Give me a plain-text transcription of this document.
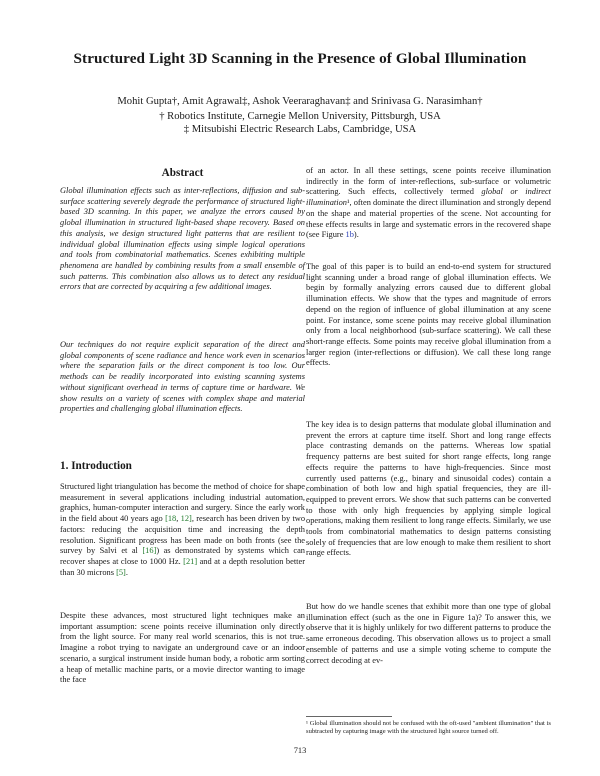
Structured Light 3D Scanning in the Presence of Global Illumination
Mohit Gupta†, Amit Agrawal‡, Ashok Veeraraghavan‡ and Srinivasa G. Narasimhan†
† Robotics Institute, Carnegie Mellon University, Pittsburgh, USA
‡ Mitsubishi Electric Research Labs, Cambridge, USA
Abstract

Global illumination effects such as inter-reflections, diffusion and sub-surface scattering severely degrade the performance of structured light-based 3D scanning. In this paper, we analyze the errors caused by global illumination in structured light-based shape recovery. Based on this analysis, we design structured light patterns that are resilient to individual global illumination effects using simple logical operations and tools from combinatorial mathematics. Scenes exhibiting multiple phenomena are handled by combining results from a small ensemble of such patterns. This combination also allows us to detect any residual errors that are corrected by acquiring a few additional images.

Our techniques do not require explicit separation of the direct and global components of scene radiance and hence work even in scenarios where the separation fails or the direct component is too low. Our methods can be readily incorporated into existing scanning systems without significant overhead in terms of capture time or hardware. We show results on a variety of scenes with complex shape and material properties and challenging global illumination effects.

Structured light triangulation has become the method of choice for shape measurement in several applications including industrial automation, graphics, human-computer interaction and surgery. Since the early work in the field about 40 years ago [18, 12], research has been driven by two factors: reducing the acquisition time and increasing the depth resolution. Significant progress has been made on both fronts (see the survey by Salvi et al [16]) as demonstrated by systems which can recover shapes at close to 1000 Hz. [21] and at a depth resolution better than 30 microns [5].

Despite these advances, most structured light techniques make an important assumption: scene points receive illumination only directly from the light source. For many real world scenarios, this is not true. Imagine a robot trying to navigate an underground cave or an indoor scenario, a surgical instrument inside human body, a robotic arm sorting a heap of metallic machine parts, or a movie director wanting to image the face

1. Introduction

of an actor. In all these settings, scene points receive illumination indirectly in the form of inter-reflections, sub-surface or volumetric scattering. Such effects, collectively termed global or indirect illumination¹, often dominate the direct illumination and strongly depend on the shape and material properties of the scene. Not accounting for these effects results in large and systematic errors in the recovered shape (see Figure 1b).

The goal of this paper is to build an end-to-end system for structured light scanning under a broad range of global illumination effects. We begin by formally analyzing errors caused due to different global illumination effects. We show that the types and magnitude of errors depend on the region of influence of global illumination at any scene point. For instance, some scene points may receive global illumination only from a local neighborhood (sub-surface scattering). We call these short-range effects. Some points may receive global illumination from a larger region (inter-reflections or diffusion). We call these long range effects.

The key idea is to design patterns that modulate global illumination and prevent the errors at capture time itself. Short and long range effects place contrasting demands on the patterns. Whereas low spatial frequency patterns are best suited for short range effects, long range effects require the patterns to have high-frequencies. Since most currently used patterns (e.g., binary and sinusoidal codes) contain a combination of both low and high spatial frequencies, they are ill-equipped to prevent errors. We show that such patterns can be converted to those with only high frequencies by applying simple logical operations, making them resilient to long range effects. Similarly, we use tools from combinatorial mathematics to design patterns consisting solely of frequencies that are low enough to make them resilient to short range effects.

But how do we handle scenes that exhibit more than one type of global illumination effect (such as the one in Figure 1a)? To answer this, we observe that it is highly unlikely for two different patterns to produce the same erroneous decoding. This observation allows us to project a small ensemble of patterns and use a simple voting scheme to compute the correct decoding at ev-

¹ Global illumination should not be confused with the oft-used "ambient illumination" that is subtracted by capturing image with the structured light source turned off.
713
